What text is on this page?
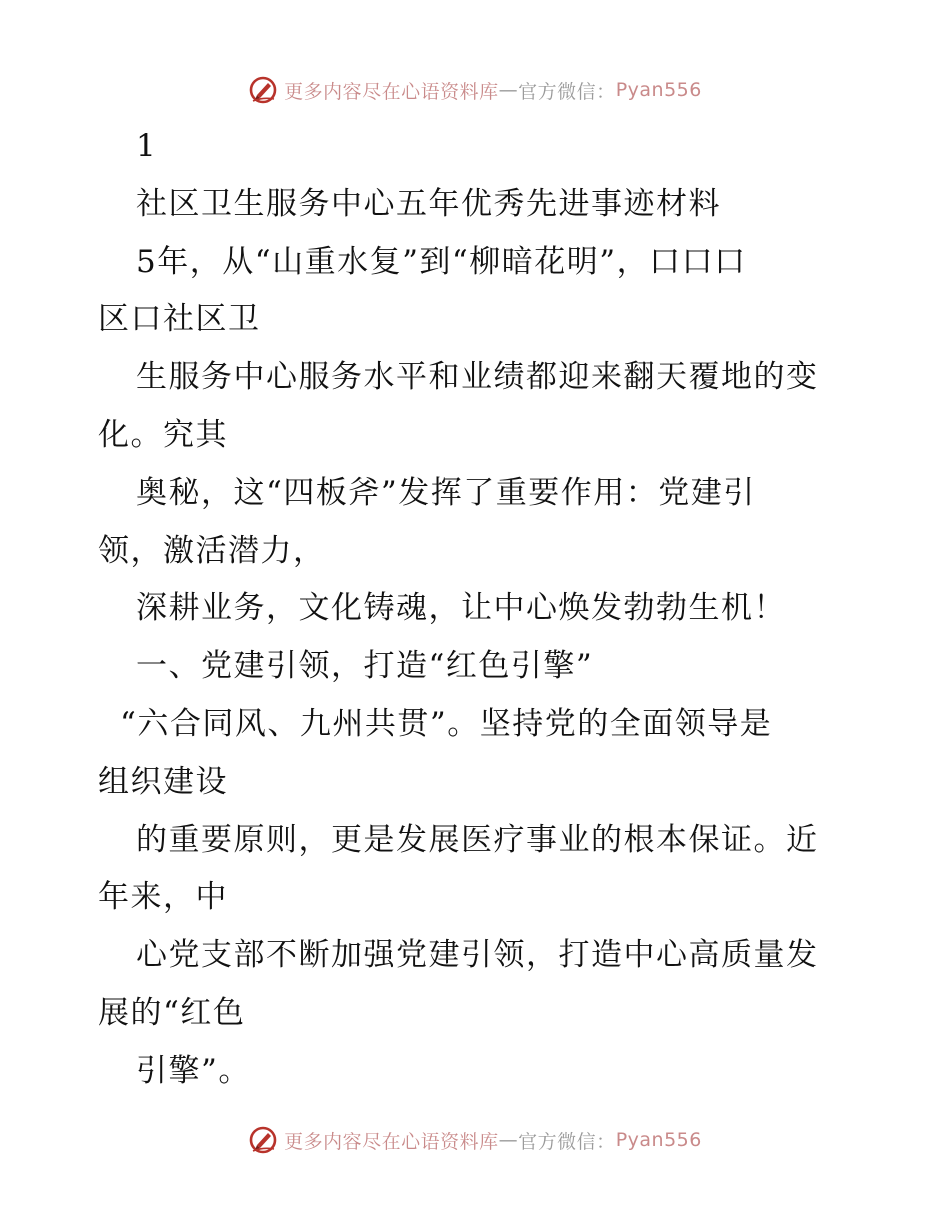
更多内容尽在心语资料库 — 官方微信： Pyan556
1
社区卫生服务中心五年优秀先进事迹材料
5年，从“山重水复”到“柳暗花明”，口口口
区口社区卫
生服务中心服务水平和业绩都迎来翻天覆地的变
化。究其
奥秘，这“四板斧”发挥了重要作用：党建引
领，激活潜力，
深耕业务，文化铸魂，让中心焕发勃勃生机！
一、党建引领，打造“红色引擎”
“六合同风、九州共贯”。坚持党的全面领导是
组织建设
的重要原则，更是发展医疗事业的根本保证。近
年来，中
心党支部不断加强党建引领，打造中心高质量发
展的“红色
引擎”。
更多内容尽在心语资料库 — 官方微信： Pyan556
